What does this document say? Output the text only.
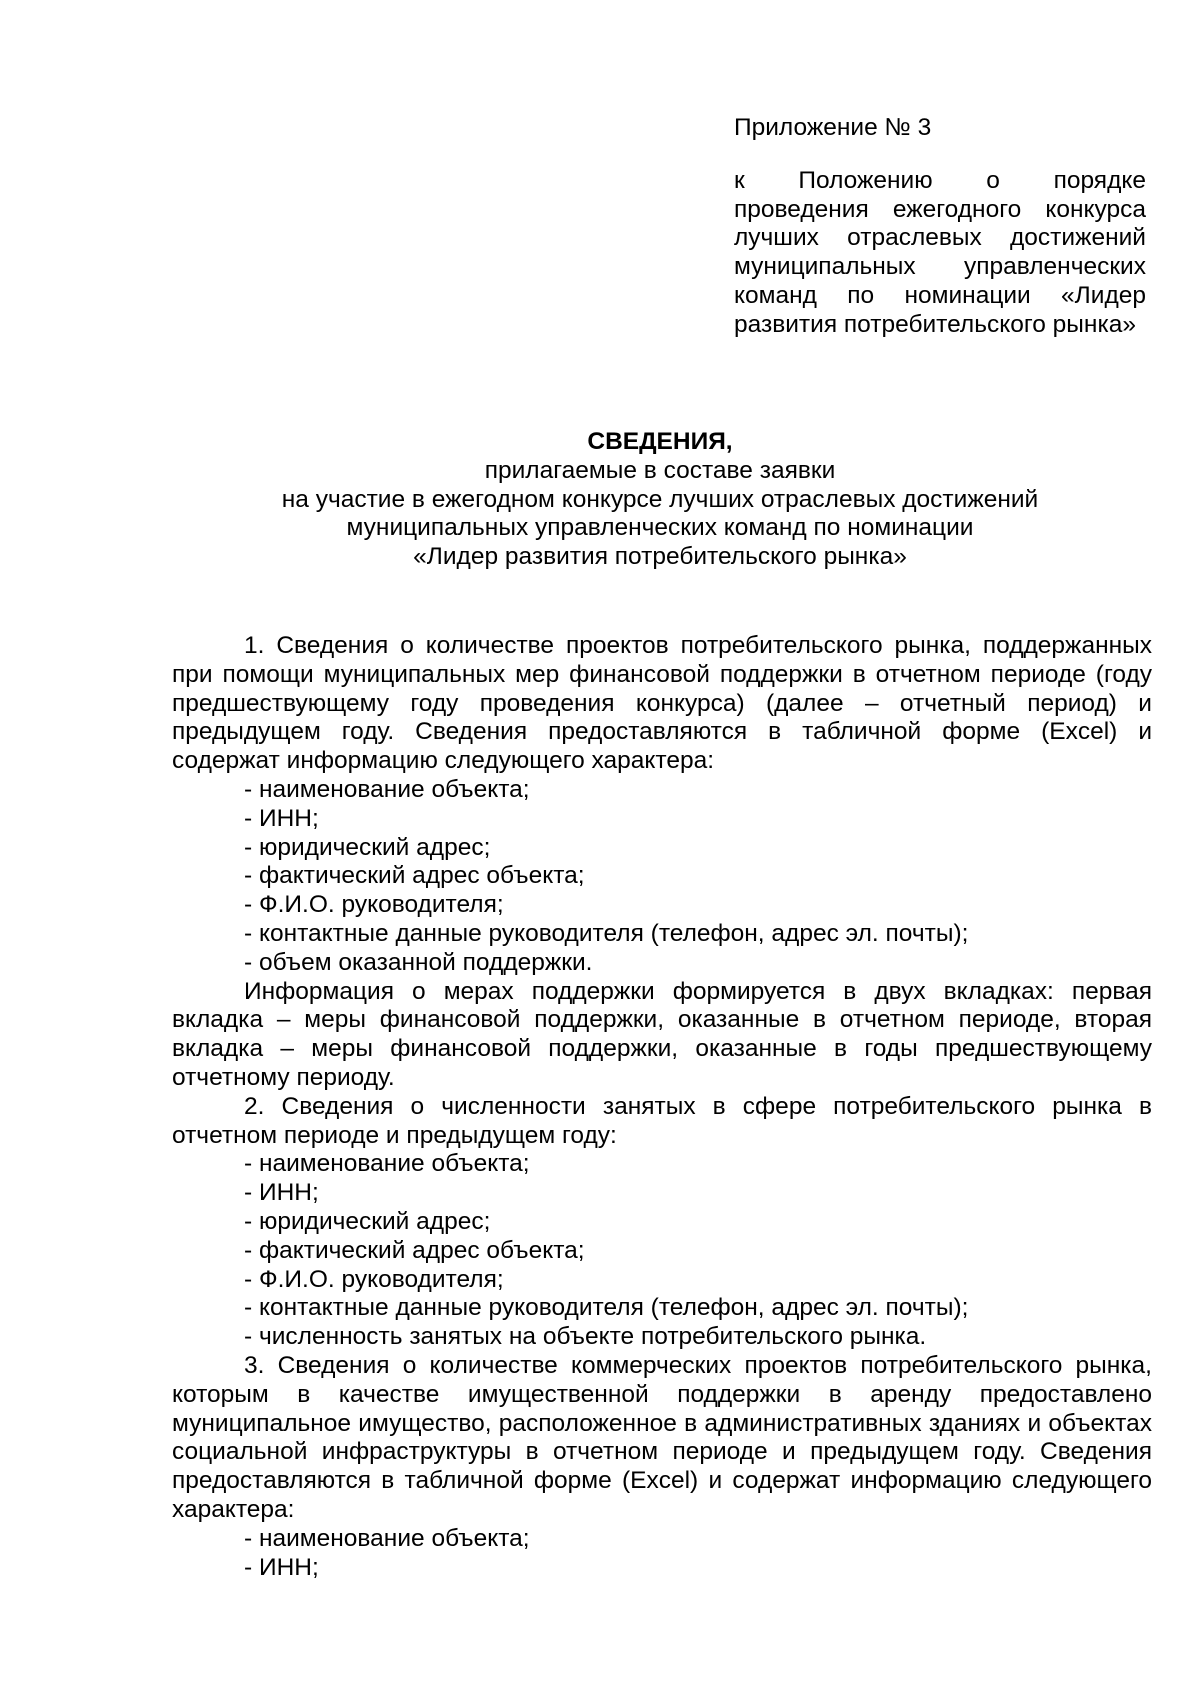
Приложение № 3

к Положению о порядке проведения ежегодного конкурса лучших отраслевых достижений муниципальных управленческих команд по номинации «Лидер развития потребительского рынка»

СВЕДЕНИЯ,

прилагаемые в составе заявки

на участие в ежегодном конкурсе лучших отраслевых достижений

муниципальных управленческих команд по номинации

«Лидер развития потребительского рынка»

1. Сведения о количестве проектов потребительского рынка, поддержанных при помощи муниципальных мер финансовой поддержки в отчетном периоде (году предшествующему году проведения конкурса) (далее – отчетный период) и предыдущем году. Сведения предоставляются в табличной форме (Excel) и содержат информацию следующего характера:

- наименование объекта;

- ИНН;

- юридический адрес;

- фактический адрес объекта;

- Ф.И.О. руководителя;

- контактные данные руководителя (телефон, адрес эл. почты);

- объем оказанной поддержки.

Информация о мерах поддержки формируется в двух вкладках: первая вкладка – меры финансовой поддержки, оказанные в отчетном периоде, вторая вкладка – меры финансовой поддержки, оказанные в годы предшествующему отчетному периоду.

2. Сведения о численности занятых в сфере потребительского рынка в отчетном периоде и предыдущем году:

- наименование объекта;

- ИНН;

- юридический адрес;

- фактический адрес объекта;

- Ф.И.О. руководителя;

- контактные данные руководителя (телефон, адрес эл. почты);

- численность занятых на объекте потребительского рынка.

3. Сведения о количестве коммерческих проектов потребительского рынка, которым в качестве имущественной поддержки в аренду предоставлено муниципальное имущество, расположенное в административных зданиях и объектах социальной инфраструктуры в отчетном периоде и предыдущем году. Сведения предоставляются в табличной форме (Excel) и содержат информацию следующего характера:

- наименование объекта;

- ИНН;
